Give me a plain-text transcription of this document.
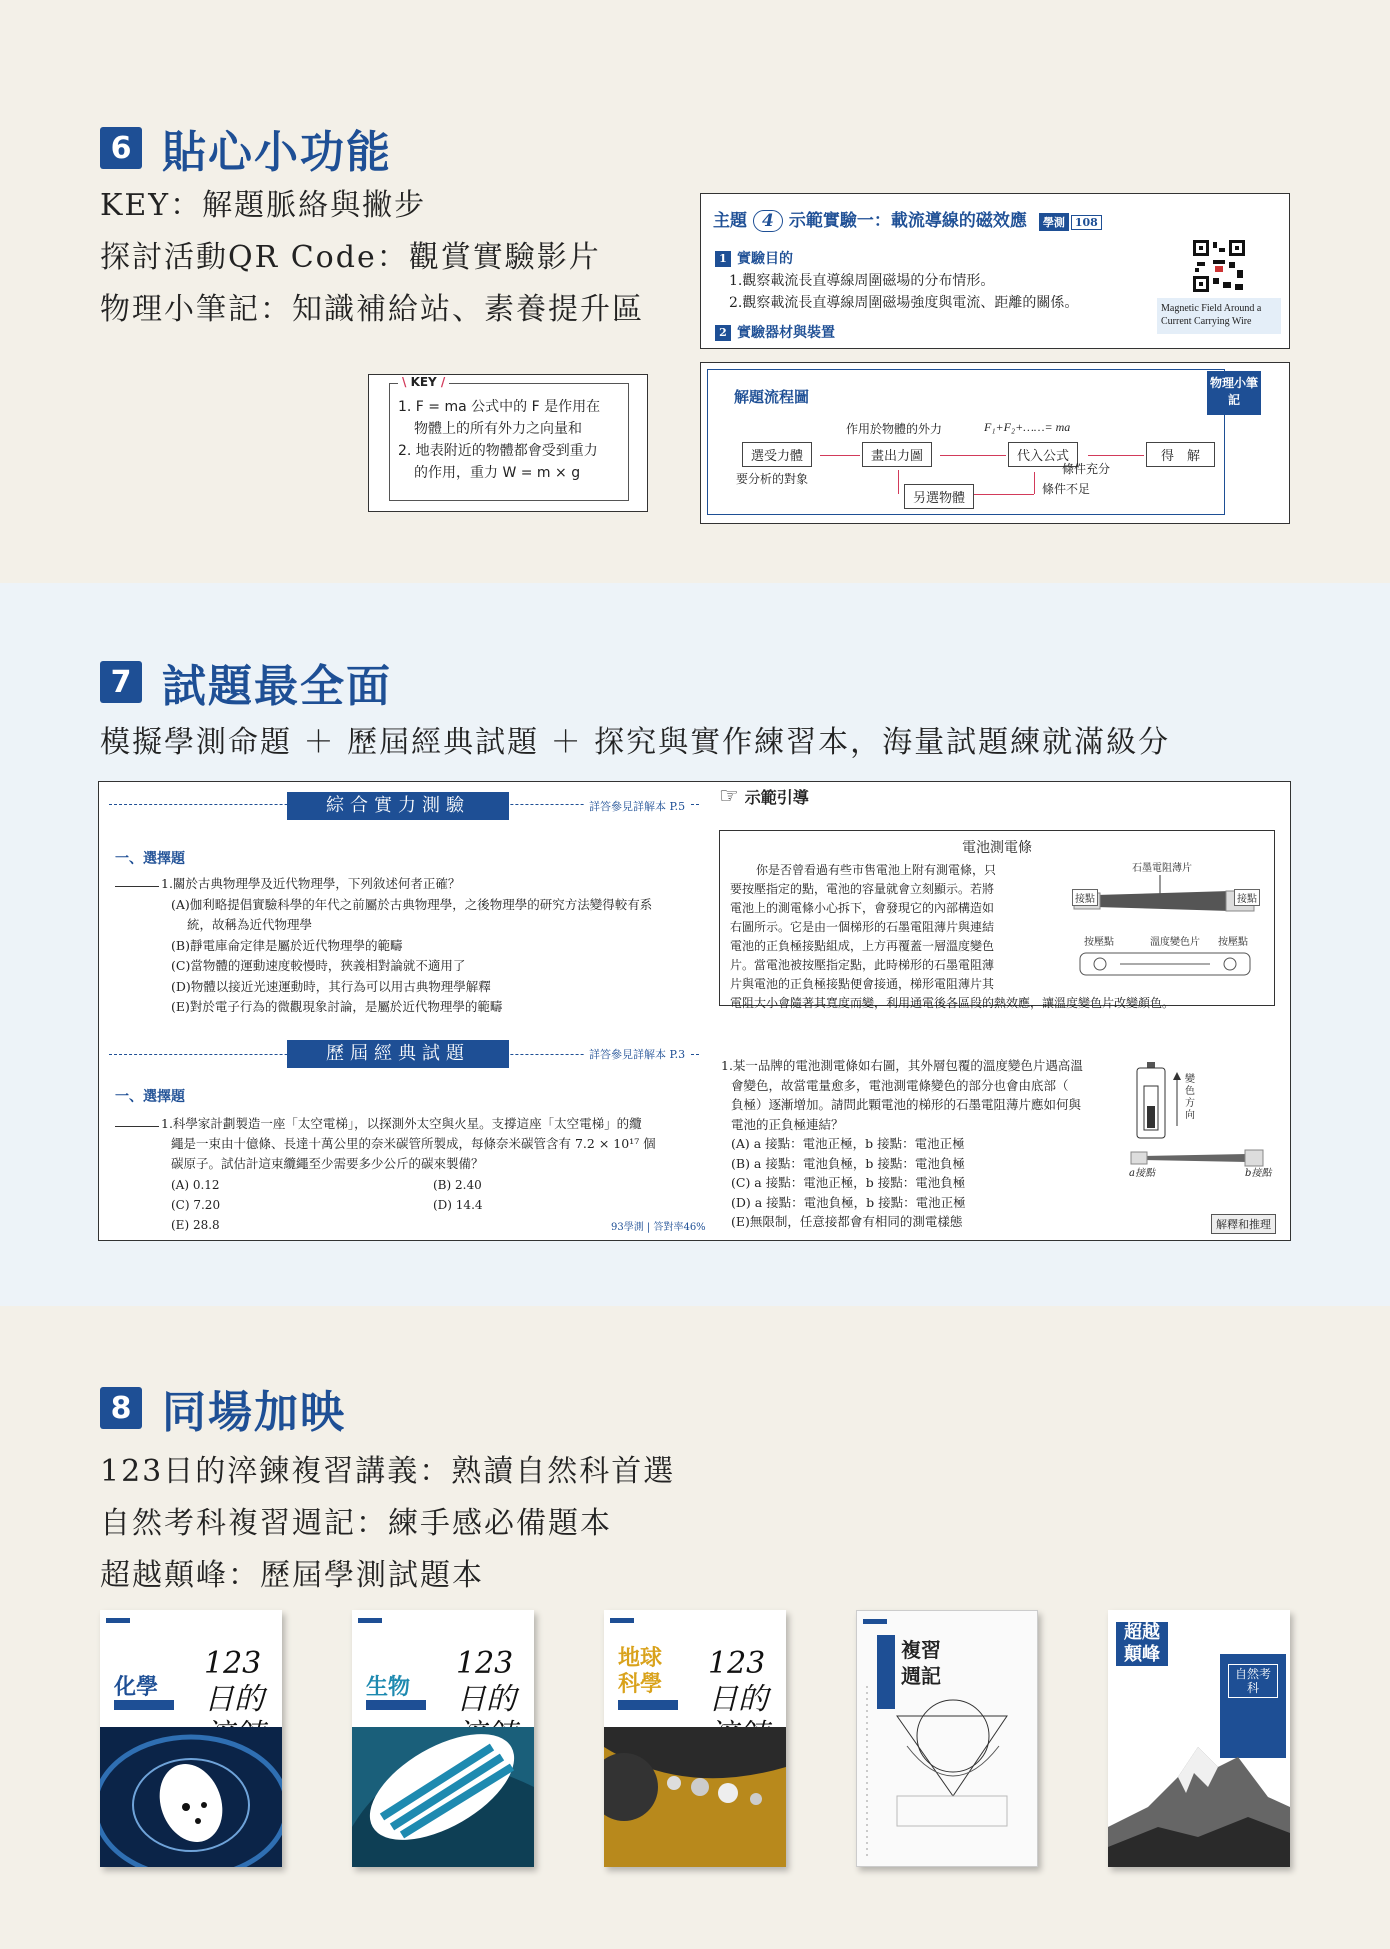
6 貼心小功能
KEY：解題脈絡與撇步
探討活動QR Code：觀賞實驗影片
物理小筆記：知識補給站、素養提升區
主題 4 示範實驗一：載流導線的磁效應 學測 108
1 實驗目的
1.觀察載流長直導線周圍磁場的分布情形。
2.觀察載流長直導線周圍磁場強度與電流、距離的關係。
2 實驗器材與裝置
Magnetic Field Around a
Current Carrying Wire
\ KEY /
1. F = ma 公式中的 F 是作用在
物體上的所有外力之向量和
2. 地表附近的物體都會受到重力
的作用，重力 W = m × g
解題流程圖
選受力體
要分析的對象
畫出力圖
作用於物體的外力
代入公式
F₁+F₂+……= ma
條件充分
得　解
條件不足
另選物體
物理小筆記
7 試題最全面
模擬學測命題 ＋ 歷屆經典試題 ＋ 探究與實作練習本，海量試題練就滿級分
綜合實力測驗	詳答參見詳解本 P.5
一、選擇題
1.關於古典物理學及近代物理學，下列敘述何者正確？
(A)伽利略提倡實驗科學的年代之前屬於古典物理學，之後物理學的研究方法變得較有系
統，故稱為近代物理學
(B)靜電庫侖定律是屬於近代物理學的範疇
(C)當物體的運動速度較慢時，狹義相對論就不適用了
(D)物體以接近光速運動時，其行為可以用古典物理學解釋
(E)對於電子行為的微觀現象討論，是屬於近代物理學的範疇
歷屆經典試題	詳答參見詳解本 P.3
一、選擇題
1.科學家計劃製造一座「太空電梯」，以探測外太空與火星。支撐這座「太空電梯」的纜
繩是一束由十億條、長達十萬公里的奈米碳管所製成，每條奈米碳管含有 7.2 × 10¹⁷ 個
碳原子。試估計這束纜繩至少需要多少公斤的碳來製備？
(A) 0.12	(B) 2.40
(C) 7.20	(D) 14.4
(E) 28.8	93學測 | 答對率46%
☞ 示範引導
電池測電條
你是否曾看過有些市售電池上附有測電條，只
要按壓指定的點，電池的容量就會立刻顯示。若將
電池上的測電條小心拆下，會發現它的內部構造如
右圖所示。它是由一個梯形的石墨電阻薄片與連結
電池的正負極接點組成，上方再覆蓋一層溫度變色
片。當電池被按壓指定點，此時梯形的石墨電阻薄
片與電池的正負極接點便會接通，梯形電阻薄片其
電阻大小會隨著其寬度而變，利用通電後各區段的熱效應，讓溫度變色片改變顏色。
石墨電阻薄片
接點	接點
按壓點	溫度變色片 按壓點
1.某一品牌的電池測電條如右圖，其外層包覆的溫度變色片遇高溫
會變色，故當電量愈多，電池測電條變色的部分也會由底部（
負極）逐漸增加。請問此顆電池的梯形的石墨電阻薄片應如何與
電池的正負極連結？
(A) a 接點：電池正極，b 接點：電池正極
(B) a 接點：電池負極，b 接點：電池負極
(C) a 接點：電池正極，b 接點：電池負極
(D) a 接點：電池負極，b 接點：電池正極
(E)無限制，任意接都會有相同的測電樣態
變色方向
a接點	b接點
解釋和推理
8 同場加映
123日的淬鍊複習講義：熟讀自然科首選
自然考科複習週記：練手感必備題本
超越顛峰：歷屆學測試題本
化學
123
日的	生物
123
日的

地球科學
123
日的

複習週記
超越顛峰
自然考科
